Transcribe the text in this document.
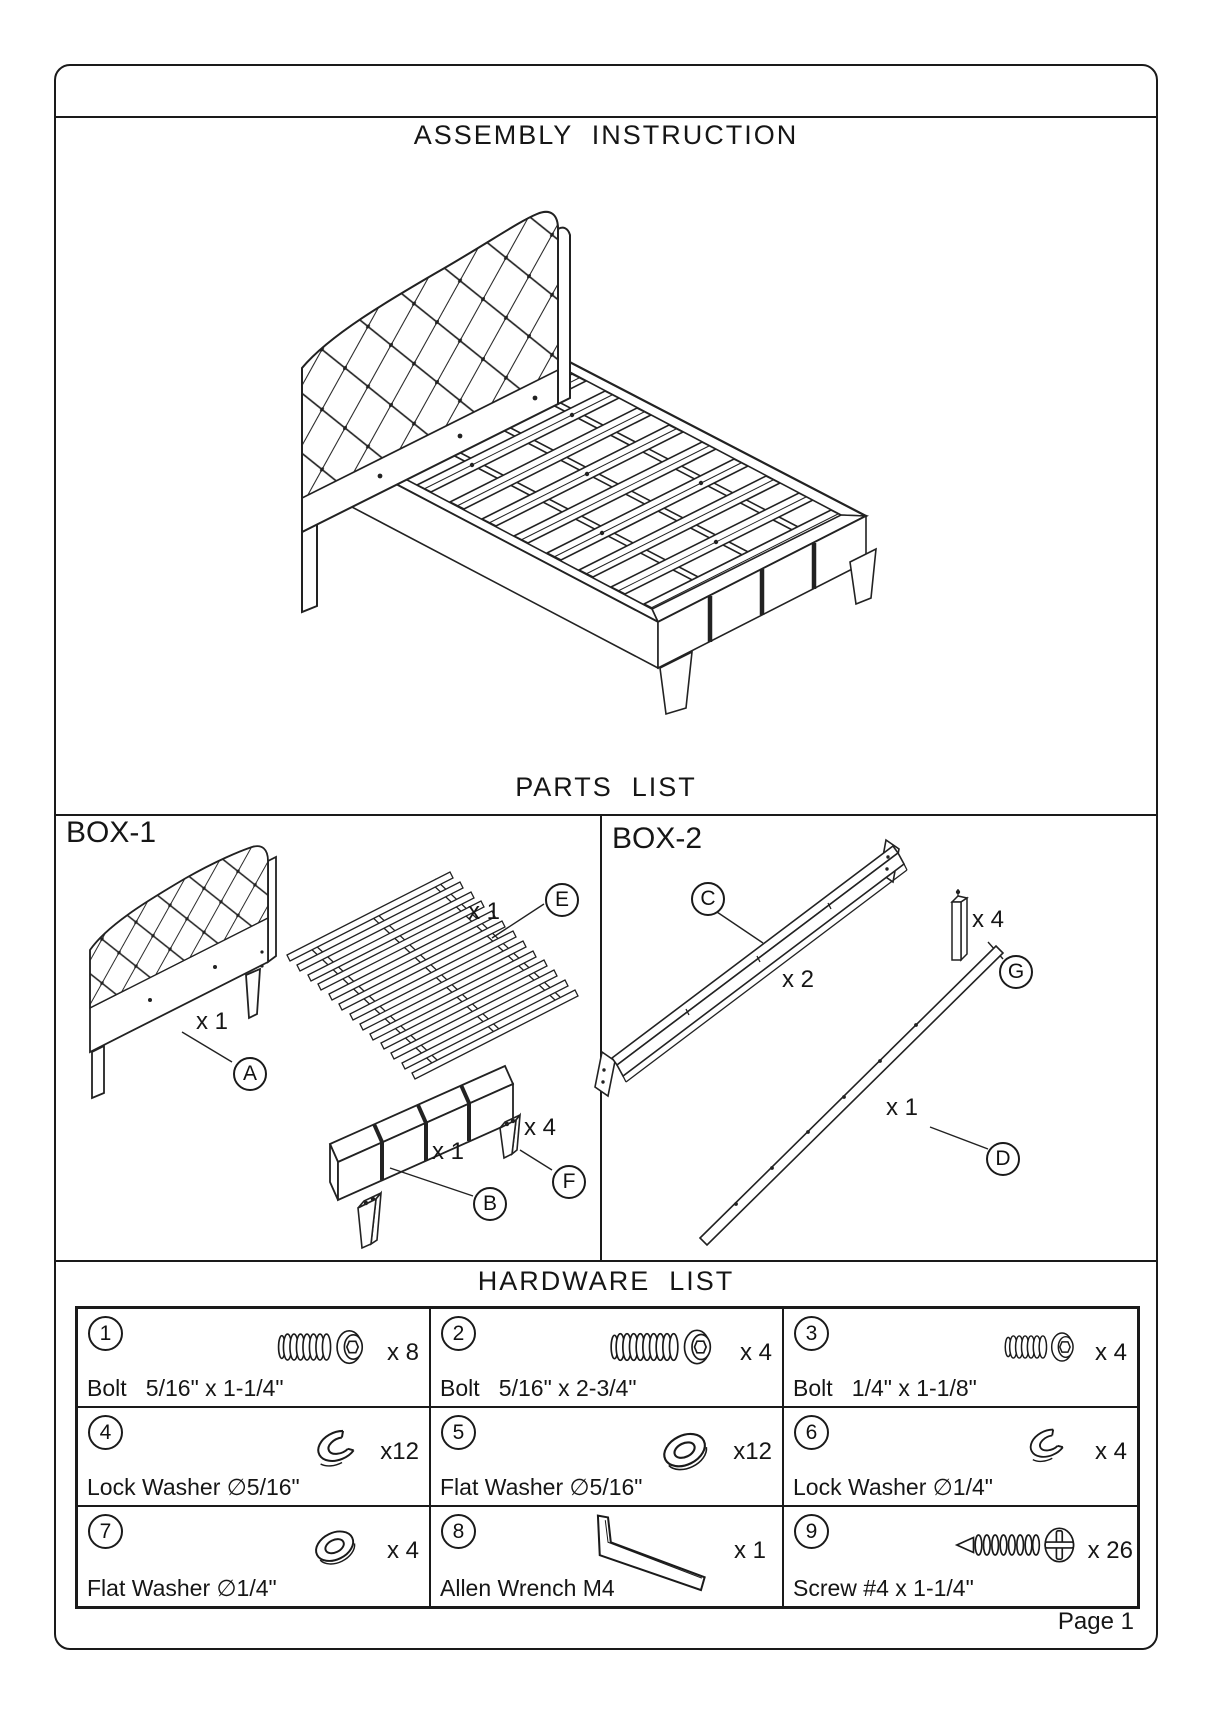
ASSEMBLY  INSTRUCTION
PARTS  LIST
BOX-1	BOX-2
A
x 1
E
x 1
B
x 1
F
x 4
C
x 2	G
x 4
D
x 1
HARDWARE  LIST
1
x 8
Bolt   5/16" x 1-1/4"
2
x 4
Bolt   5/16" x 2-3/4"
3
x 4
Bolt   1/4" x 1-1/8"
4
x12
Lock Washer ∅5/16"
5
x12
Flat Washer ∅5/16"
6
x 4
Lock Washer ∅1/4"
7
x 4
Flat Washer ∅1/4"
8
x 1
Allen Wrench M4
9
x 26
Screw #4 x 1-1/4"
Page 1
